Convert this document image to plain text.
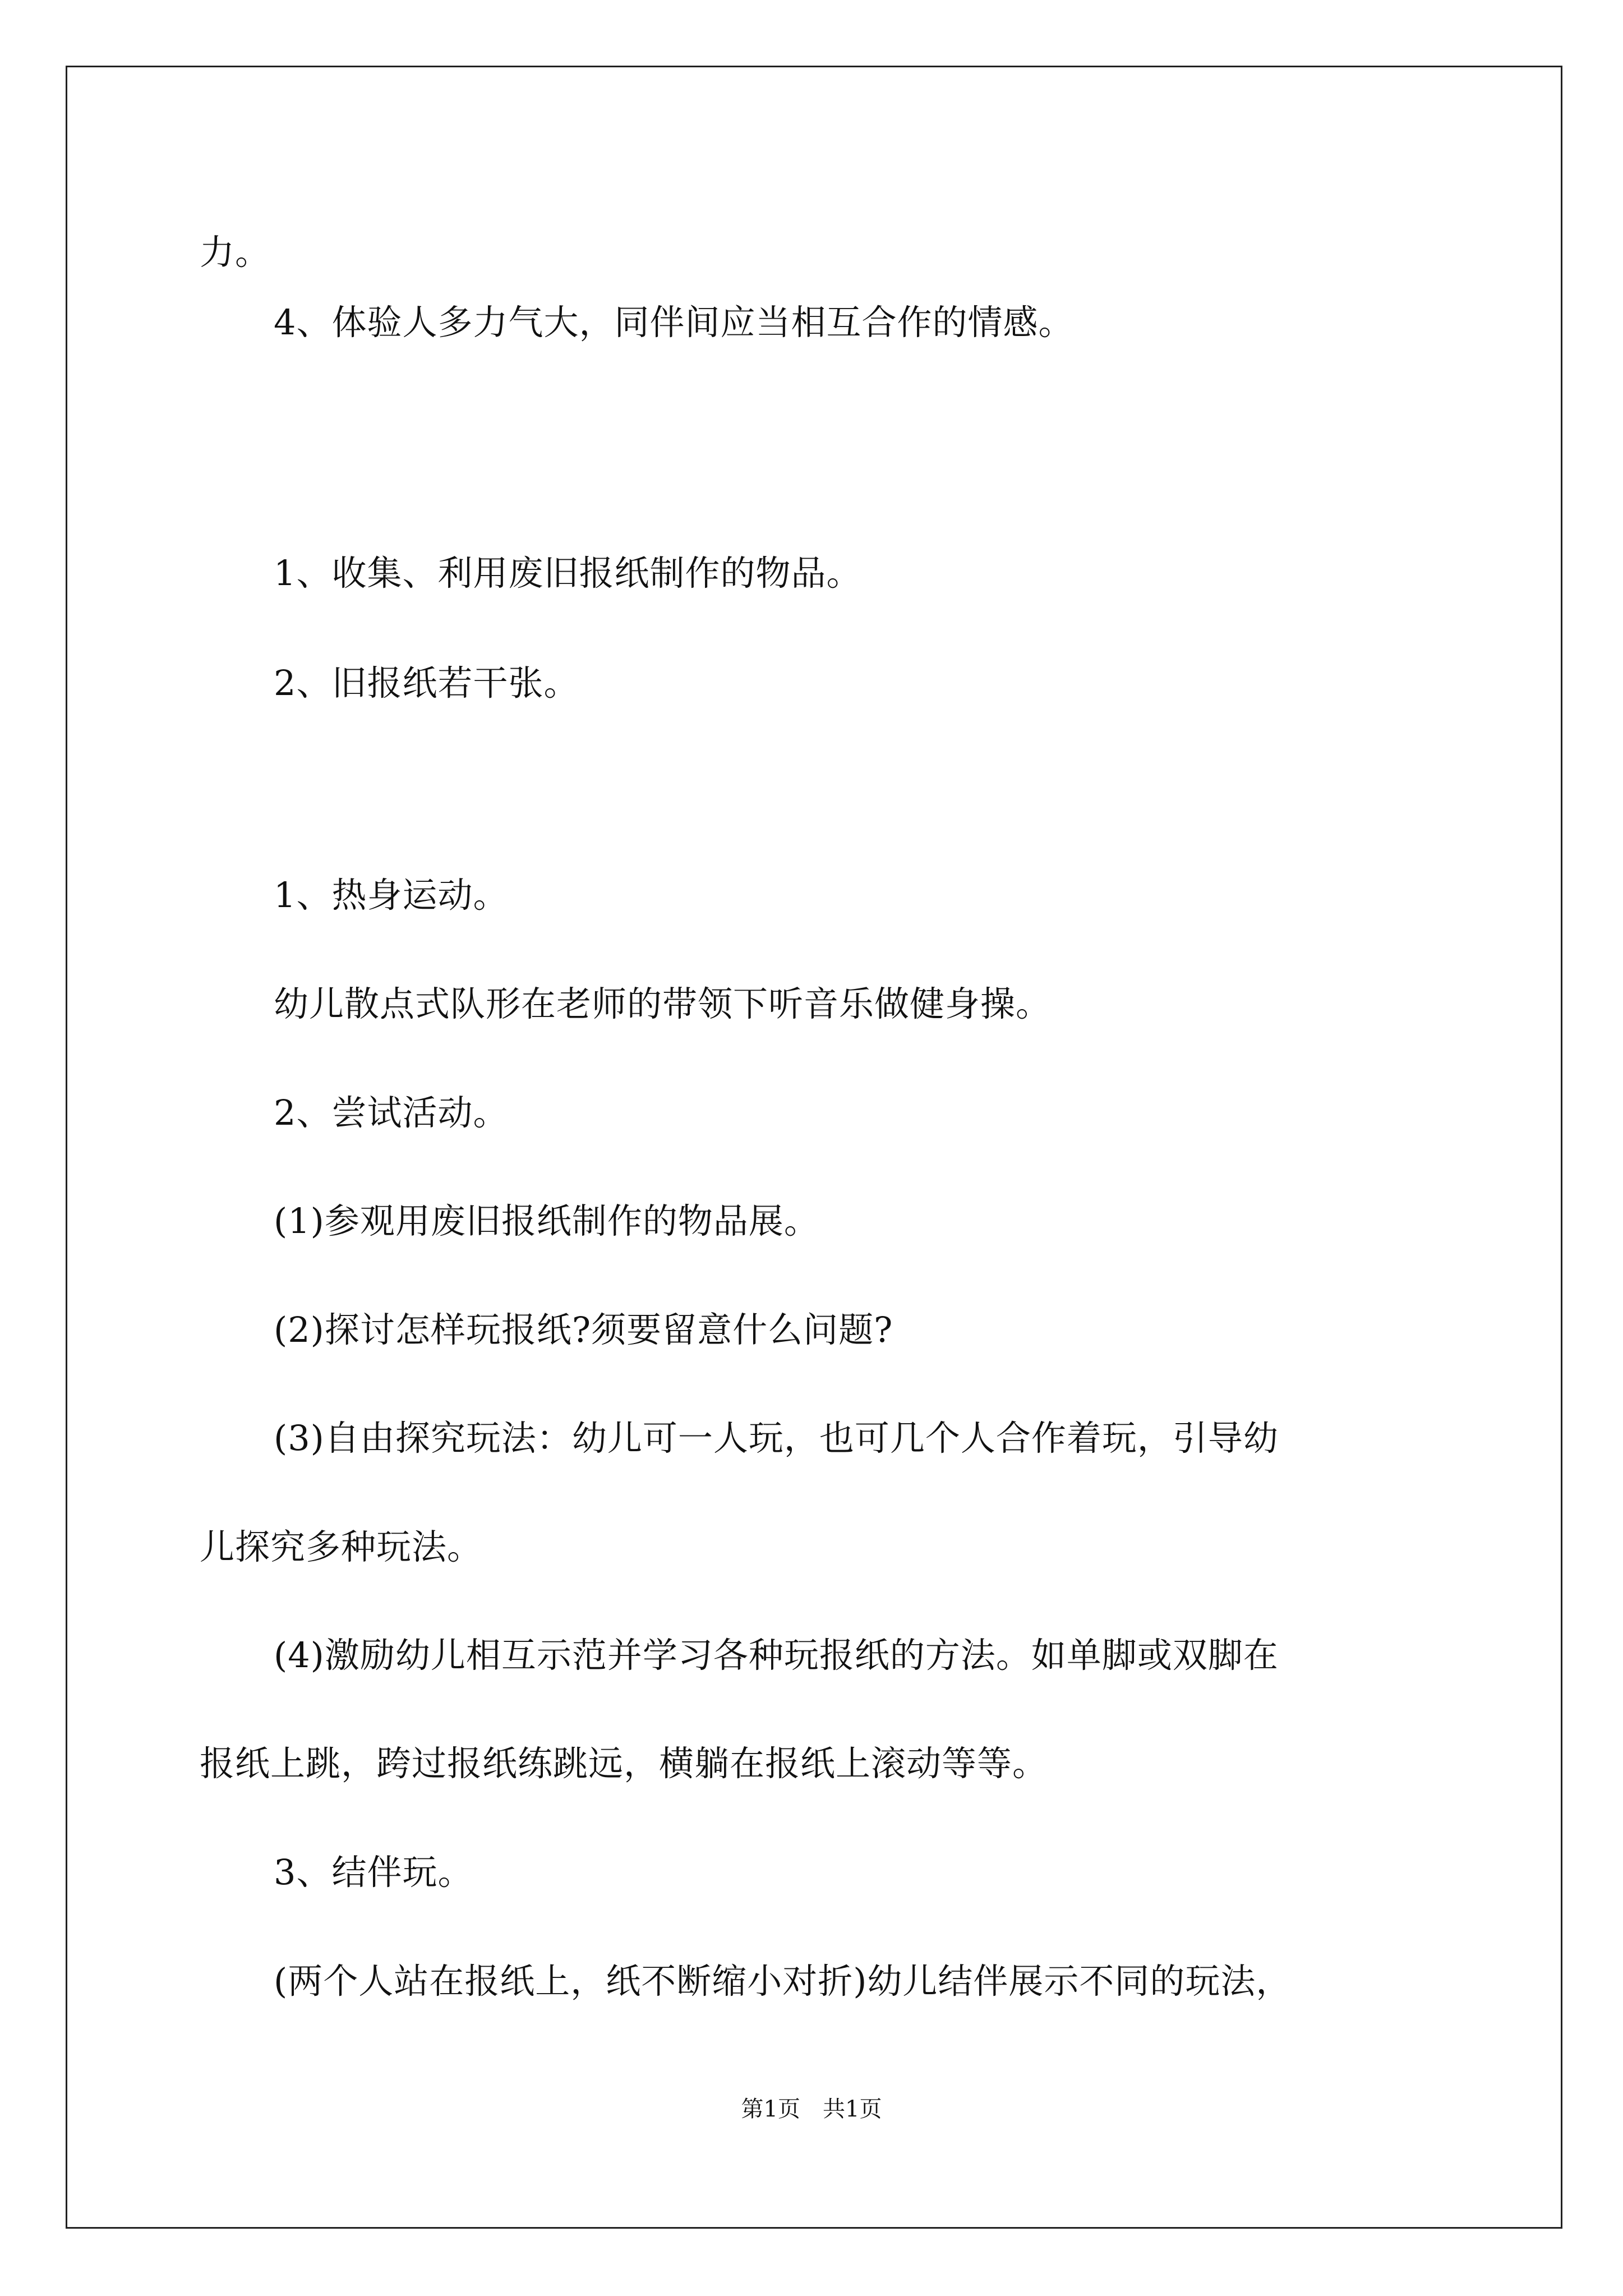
力。
4、体验人多力气大，同伴间应当相互合作的情感。
1、收集、利用废旧报纸制作的物品。
2、旧报纸若干张。
1、热身运动。
幼儿散点式队形在老师的带领下听音乐做健身操。
2、尝试活动。
(1)参观用废旧报纸制作的物品展。
(2)探讨怎样玩报纸?须要留意什么问题?
(3)自由探究玩法：幼儿可一人玩，也可几个人合作着玩，引导幼
儿探究多种玩法。
(4)激励幼儿相互示范并学习各种玩报纸的方法。如单脚或双脚在
报纸上跳，跨过报纸练跳远，横躺在报纸上滚动等等。
3、结伴玩。
(两个人站在报纸上，纸不断缩小对折)幼儿结伴展示不同的玩法，
第1页　共1页
